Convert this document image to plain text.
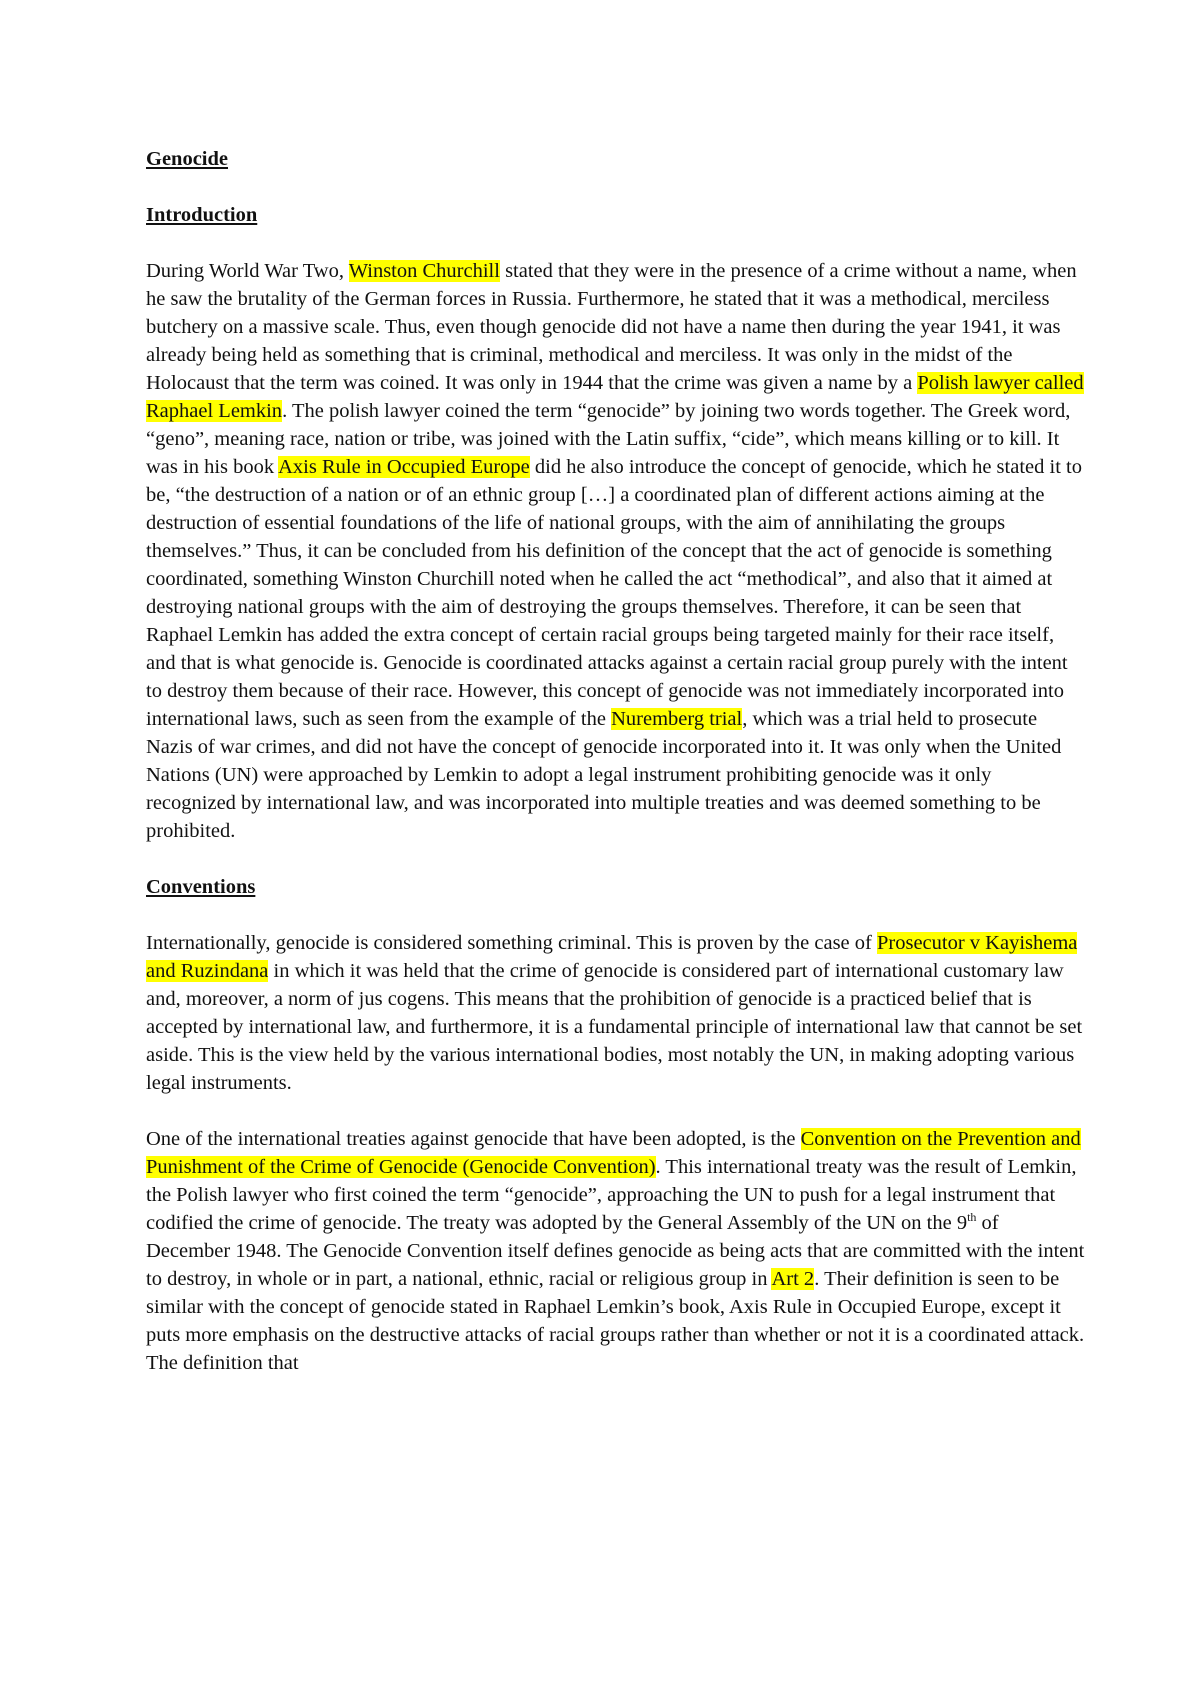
Genocide
Introduction

During World War Two, Winston Churchill stated that they were in the presence of a crime without a name, when he saw the brutality of the German forces in Russia. Furthermore, he stated that it was a methodical, merciless butchery on a massive scale. Thus, even though genocide did not have a name then during the year 1941, it was already being held as something that is criminal, methodical and merciless. It was only in the midst of the Holocaust that the term was coined. It was only in 1944 that the crime was given a name by a Polish lawyer called Raphael Lemkin. The polish lawyer coined the term “genocide” by joining two words together. The Greek word, “geno”, meaning race, nation or tribe, was joined with the Latin suffix, “cide”, which means killing or to kill. It was in his book Axis Rule in Occupied Europe did he also introduce the concept of genocide, which he stated it to be, “the destruction of a nation or of an ethnic group […] a coordinated plan of different actions aiming at the destruction of essential foundations of the life of national groups, with the aim of annihilating the groups themselves.” Thus, it can be concluded from his definition of the concept that the act of genocide is something coordinated, something Winston Churchill noted when he called the act “methodical”, and also that it aimed at destroying national groups with the aim of destroying the groups themselves. Therefore, it can be seen that Raphael Lemkin has added the extra concept of certain racial groups being targeted mainly for their race itself, and that is what genocide is. Genocide is coordinated attacks against a certain racial group purely with the intent to destroy them because of their race. However, this concept of genocide was not immediately incorporated into international laws, such as seen from the example of the Nuremberg trial, which was a trial held to prosecute Nazis of war crimes, and did not have the concept of genocide incorporated into it. It was only when the United Nations (UN) were approached by Lemkin to adopt a legal instrument prohibiting genocide was it only recognized by international law, and was incorporated into multiple treaties and was deemed something to be prohibited.

Conventions

Internationally, genocide is considered something criminal. This is proven by the case of Prosecutor v Kayishema and Ruzindana in which it was held that the crime of genocide is considered part of international customary law and, moreover, a norm of jus cogens. This means that the prohibition of genocide is a practiced belief that is accepted by international law, and furthermore, it is a fundamental principle of international law that cannot be set aside. This is the view held by the various international bodies, most notably the UN, in making adopting various legal instruments.

One of the international treaties against genocide that have been adopted, is the Convention on the Prevention and Punishment of the Crime of Genocide (Genocide Convention). This international treaty was the result of Lemkin, the Polish lawyer who first coined the term “genocide”, approaching the UN to push for a legal instrument that codified the crime of genocide. The treaty was adopted by the General Assembly of the UN on the 9th of December 1948. The Genocide Convention itself defines genocide as being acts that are committed with the intent to destroy, in whole or in part, a national, ethnic, racial or religious group in Art 2. Their definition is seen to be similar with the concept of genocide stated in Raphael Lemkin’s book, Axis Rule in Occupied Europe, except it puts more emphasis on the destructive attacks of racial groups rather than whether or not it is a coordinated attack. The definition that
